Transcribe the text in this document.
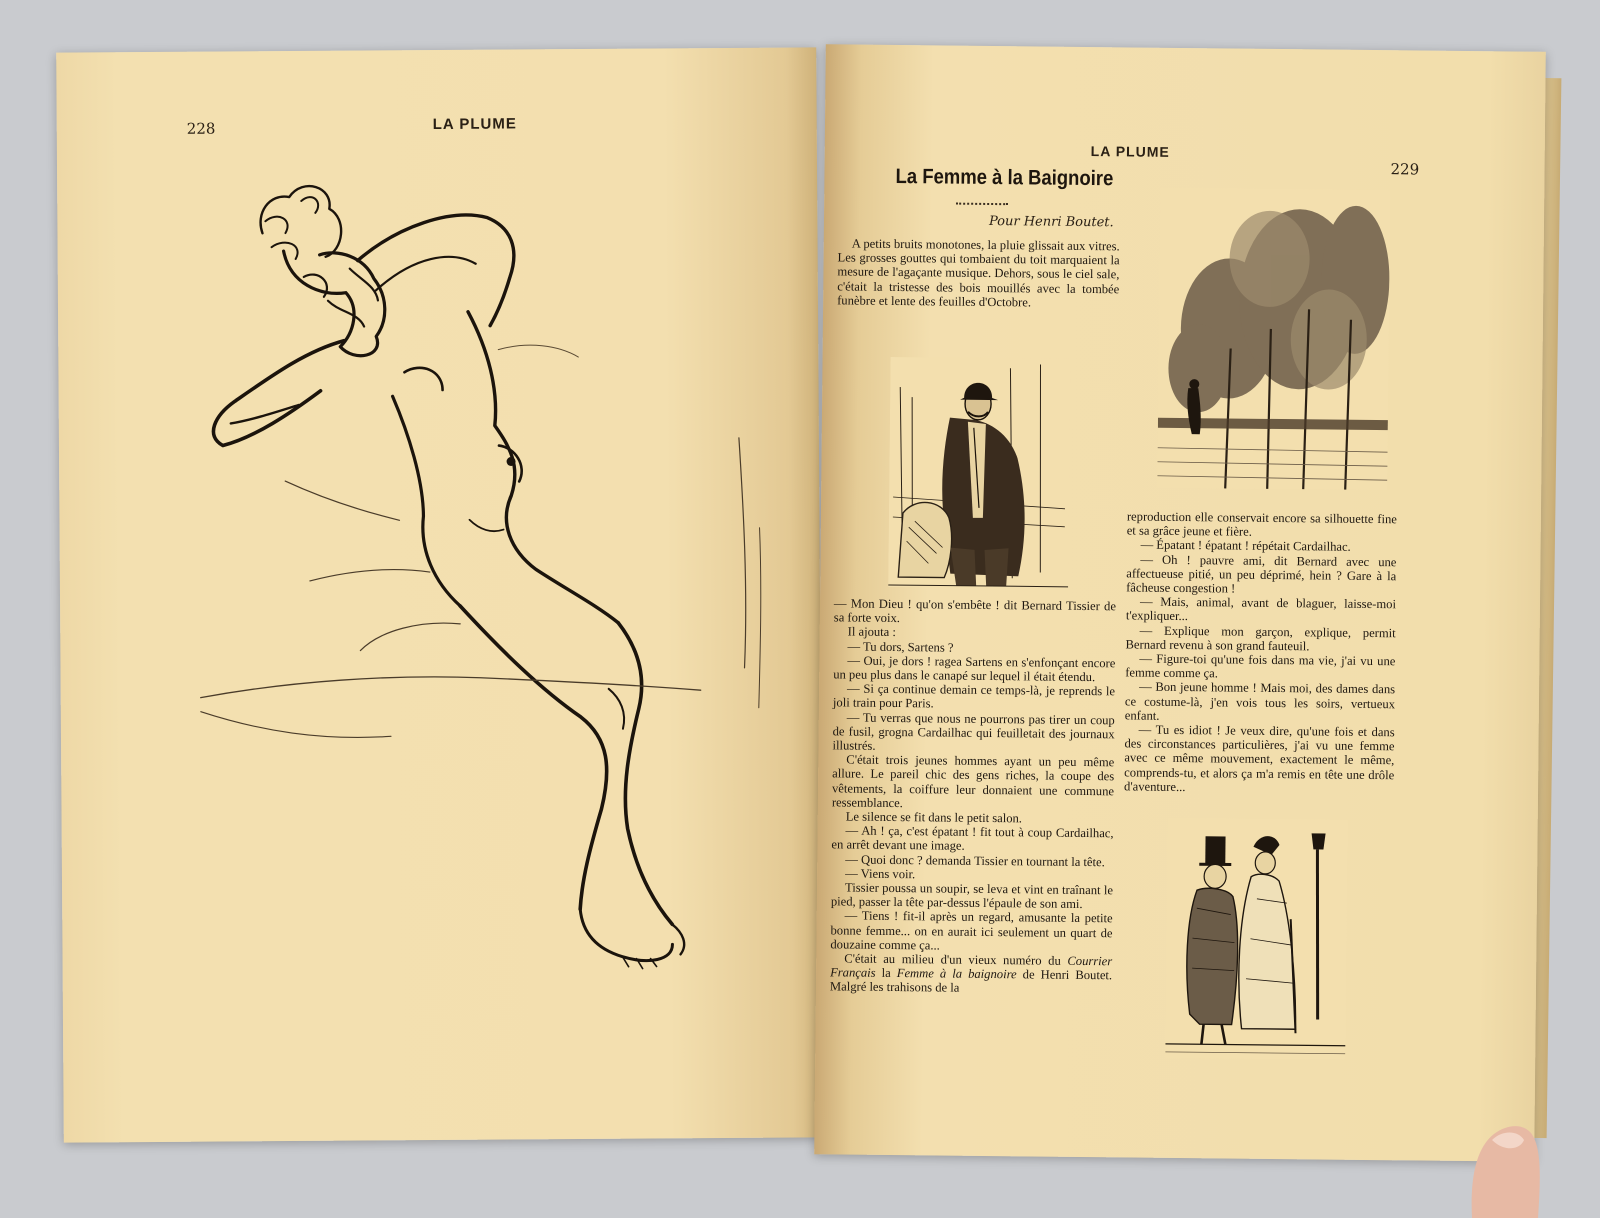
228	LA PLUME
LA PLUME
229
La Femme à la Baignoire
Pour Henri Boutet.

A petits bruits monotones, la pluie glissait aux vitres. Les grosses gouttes qui tombaient du toit marquaient la mesure de l'agaçante musique. Dehors, sous le ciel sale, c'était la tristesse des bois mouillés avec la tombée funèbre et lente des feuilles d'Octobre.

— Mon Dieu ! qu'on s'embête ! dit Bernard Tissier de sa forte voix.

Il ajouta :

— Tu dors, Sartens ?

— Oui, je dors ! ragea Sartens en s'enfonçant encore un peu plus dans le canapé sur lequel il était étendu.

— Si ça continue demain ce temps-là, je reprends le joli train pour Paris.

— Tu verras que nous ne pourrons pas tirer un coup de fusil, grogna Cardailhac qui feuilletait des journaux illustrés.

C'était trois jeunes hommes ayant un peu même allure. Le pareil chic des gens riches, la coupe des vêtements, la coiffure leur donnaient une commune ressemblance.

Le silence se fit dans le petit salon.

— Ah ! ça, c'est épatant ! fit tout à coup Cardailhac, en arrêt devant une image.

— Quoi donc ? demanda Tissier en tournant la tête.

— Viens voir.

Tissier poussa un soupir, se leva et vint en traînant le pied, passer la tête par-dessus l'épaule de son ami.

— Tiens ! fit-il après un regard, amusante la petite bonne femme... on en aurait ici seulement un quart de douzaine comme ça...

C'était au milieu d'un vieux numéro du Courrier Français la Femme à la baignoire de Henri Boutet. Malgré les trahisons de la

reproduction elle conservait encore sa silhouette fine et sa grâce jeune et fière.

— Épatant ! épatant ! répétait Cardailhac.

— Oh ! pauvre ami, dit Bernard avec une affectueuse pitié, un peu déprimé, hein ? Gare à la fâcheuse congestion !

— Mais, animal, avant de blaguer, laisse-moi t'expliquer...

— Explique mon garçon, explique, permit Bernard revenu à son grand fauteuil.

— Figure-toi qu'une fois dans ma vie, j'ai vu une femme comme ça.

— Bon jeune homme ! Mais moi, des dames dans ce costume-là, j'en vois tous les soirs, vertueux enfant.

— Tu es idiot ! Je veux dire, qu'une fois et dans des circonstances particulières, j'ai vu une femme avec ce même mouvement, exactement le même, comprends-tu, et alors ça m'a remis en tête une drôle d'aventure...
